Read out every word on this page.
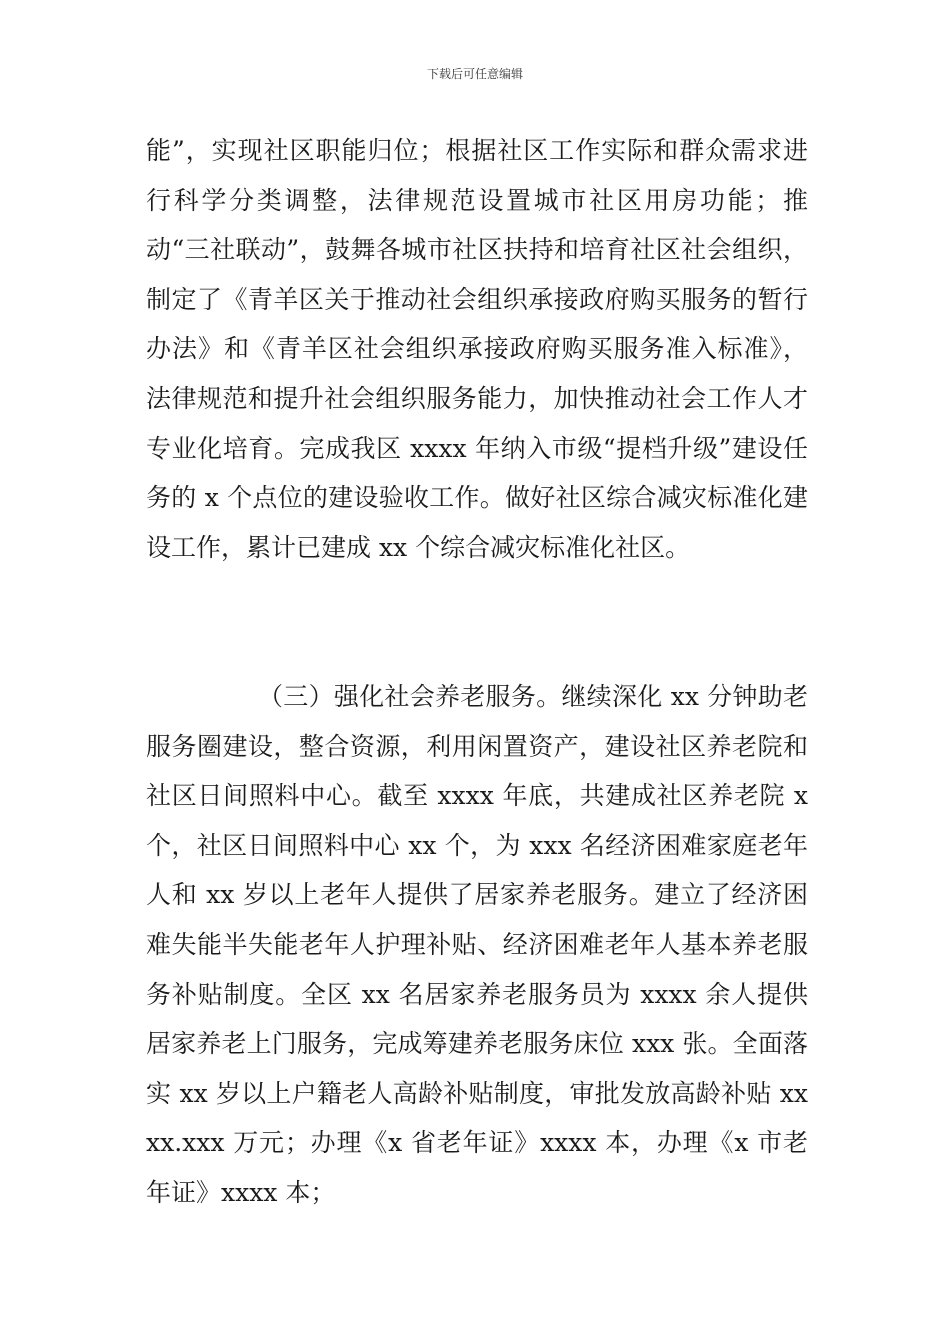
下载后可任意编辑

能”，实现社区职能归位；根据社区工作实际和群众需求进行科学分类调整，法律规范设置城市社区用房功能；推动“三社联动”，鼓舞各城市社区扶持和培育社区社会组织，制定了《青羊区关于推动社会组织承接政府购买服务的暂行办法》和《青羊区社会组织承接政府购买服务准入标准》，法律规范和提升社会组织服务能力，加快推动社会工作人才专业化培育。完成我区 xxxx 年纳入市级“提档升级”建设任务的 x 个点位的建设验收工作。做好社区综合减灾标准化建设工作，累计已建成 xx 个综合减灾标准化社区。

（三）强化社会养老服务。继续深化 xx 分钟助老服务圈建设，整合资源，利用闲置资产，建设社区养老院和社区日间照料中心。截至 xxxx 年底，共建成社区养老院 x 个，社区日间照料中心 xx 个，为 xxx 名经济困难家庭老年人和 xx 岁以上老年人提供了居家养老服务。建立了经济困难失能半失能老年人护理补贴、经济困难老年人基本养老服务补贴制度。全区 xx 名居家养老服务员为 xxxx 余人提供居家养老上门服务，完成筹建养老服务床位 xxx 张。全面落实 xx 岁以上户籍老人高龄补贴制度，审批发放高龄补贴 xxxx.xxx 万元；办理《x 省老年证》xxxx 本，办理《x 市老年证》xxxx 本；
